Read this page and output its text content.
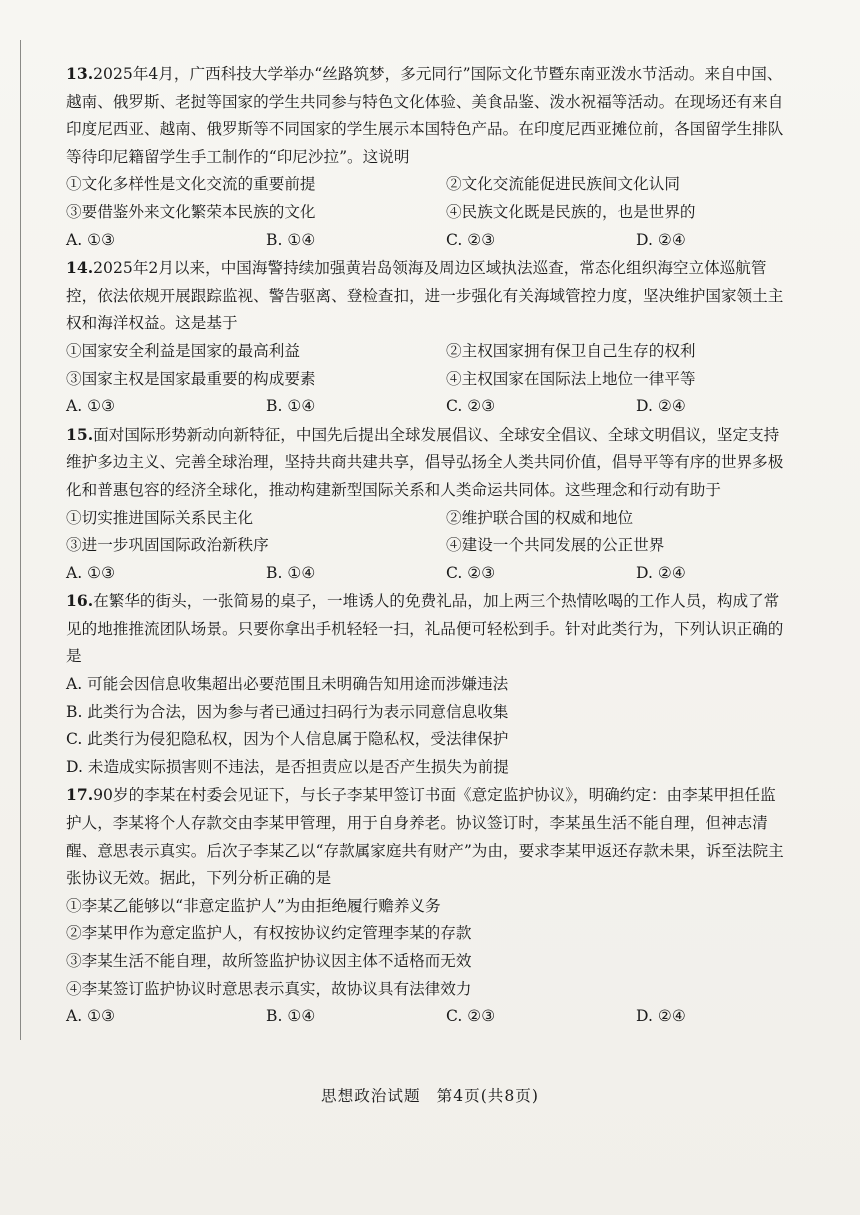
13.2025年4月，广西科技大学举办“丝路筑梦，多元同行”国际文化节暨东南亚泼水节活动。来自中国、越南、俄罗斯、老挝等国家的学生共同参与特色文化体验、美食品鉴、泼水祝福等活动。在现场还有来自印度尼西亚、越南、俄罗斯等不同国家的学生展示本国特色产品。在印度尼西亚摊位前，各国留学生排队等待印尼籍留学生手工制作的“印尼沙拉”。这说明

①文化多样性是文化交流的重要前提	②文化交流能促进民族间文化认同
③要借鉴外来文化繁荣本民族的文化	④民族文化既是民族的，也是世界的
A. ①③	B. ①④	C. ②③	D. ②④

14.2025年2月以来，中国海警持续加强黄岩岛领海及周边区域执法巡查，常态化组织海空立体巡航管控，依法依规开展跟踪监视、警告驱离、登检查扣，进一步强化有关海域管控力度，坚决维护国家领土主权和海洋权益。这是基于

①国家安全利益是国家的最高利益	②主权国家拥有保卫自己生存的权利
③国家主权是国家最重要的构成要素	④主权国家在国际法上地位一律平等
A. ①③	B. ①④	C. ②③	D. ②④

15.面对国际形势新动向新特征，中国先后提出全球发展倡议、全球安全倡议、全球文明倡议，坚定支持维护多边主义、完善全球治理，坚持共商共建共享，倡导弘扬全人类共同价值，倡导平等有序的世界多极化和普惠包容的经济全球化，推动构建新型国际关系和人类命运共同体。这些理念和行动有助于

①切实推进国际关系民主化	②维护联合国的权威和地位
③进一步巩固国际政治新秩序	④建设一个共同发展的公正世界
A. ①③	B. ①④	C. ②③	D. ②④

16.在繁华的街头，一张简易的桌子，一堆诱人的免费礼品，加上两三个热情吆喝的工作人员，构成了常见的地推推流团队场景。只要你拿出手机轻轻一扫，礼品便可轻松到手。针对此类行为，下列认识正确的是

A. 可能会因信息收集超出必要范围且未明确告知用途而涉嫌违法
B. 此类行为合法，因为参与者已通过扫码行为表示同意信息收集
C. 此类行为侵犯隐私权，因为个人信息属于隐私权，受法律保护
D. 未造成实际损害则不违法，是否担责应以是否产生损失为前提

17.90岁的李某在村委会见证下，与长子李某甲签订书面《意定监护协议》，明确约定：由李某甲担任监护人，李某将个人存款交由李某甲管理，用于自身养老。协议签订时，李某虽生活不能自理，但神志清醒、意思表示真实。后次子李某乙以“存款属家庭共有财产”为由，要求李某甲返还存款未果，诉至法院主张协议无效。据此，下列分析正确的是

①李某乙能够以“非意定监护人”为由拒绝履行赡养义务
②李某甲作为意定监护人，有权按协议约定管理李某的存款
③李某生活不能自理，故所签监护协议因主体不适格而无效
④李某签订监护协议时意思表示真实，故协议具有法律效力
A. ①③	B. ①④	C. ②③	D. ②④
思想政治试题 第4页(共8页)
